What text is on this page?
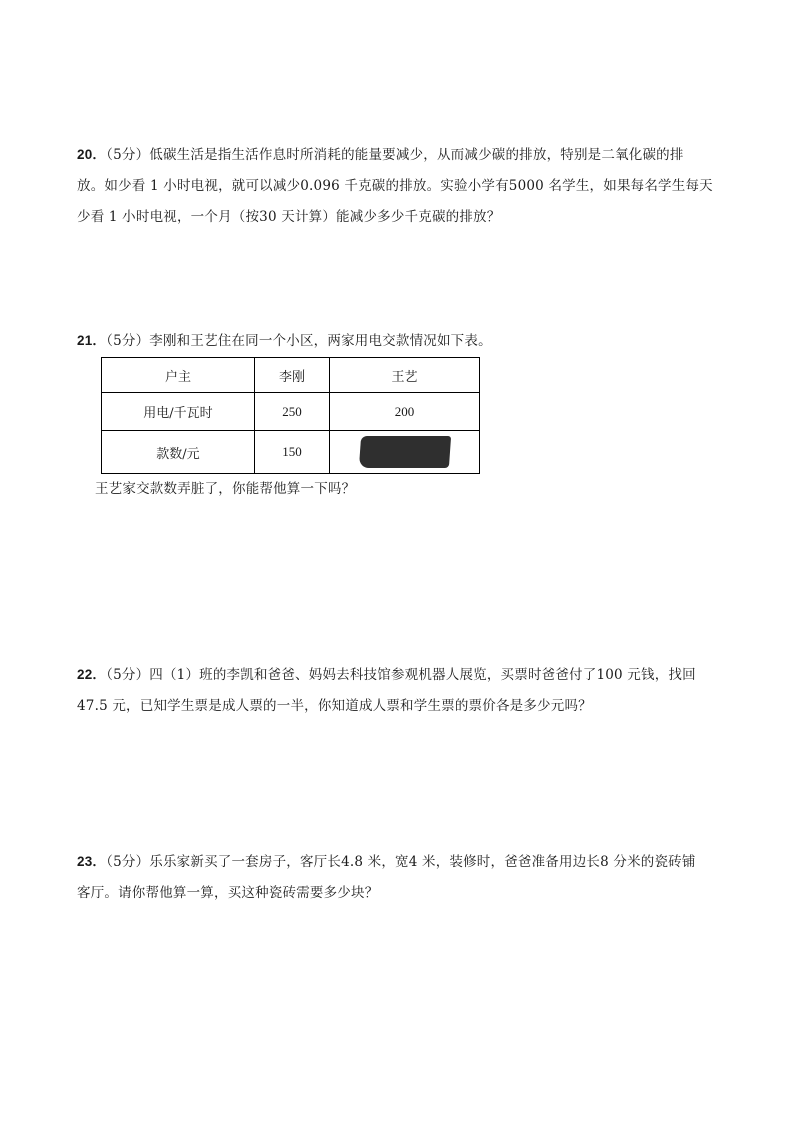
20．（5分）低碳生活是指生活作息时所消耗的能量要减少，从而减少碳的排放，特别是二氧化碳的排
放。如少看 1 小时电视，就可以减少0.096 千克碳的排放。实验小学有5000 名学生，如果每名学生每天
少看 1 小时电视，一个月（按30 天计算）能减少多少千克碳的排放？
21．（5分）李刚和王艺住在同一个小区，两家用电交款情况如下表。
户主	李刚	王艺
用电/千瓦时	250	200
款数/元	150	
王艺家交款数弄脏了，你能帮他算一下吗？
22．（5分）四（1）班的李凯和爸爸、妈妈去科技馆参观机器人展览，买票时爸爸付了100 元钱，找回
47.5 元，已知学生票是成人票的一半，你知道成人票和学生票的票价各是多少元吗？
23．（5分）乐乐家新买了一套房子，客厅长4.8 米，宽4 米，装修时，爸爸准备用边长8 分米的瓷砖铺
客厅。请你帮他算一算，买这种瓷砖需要多少块？
